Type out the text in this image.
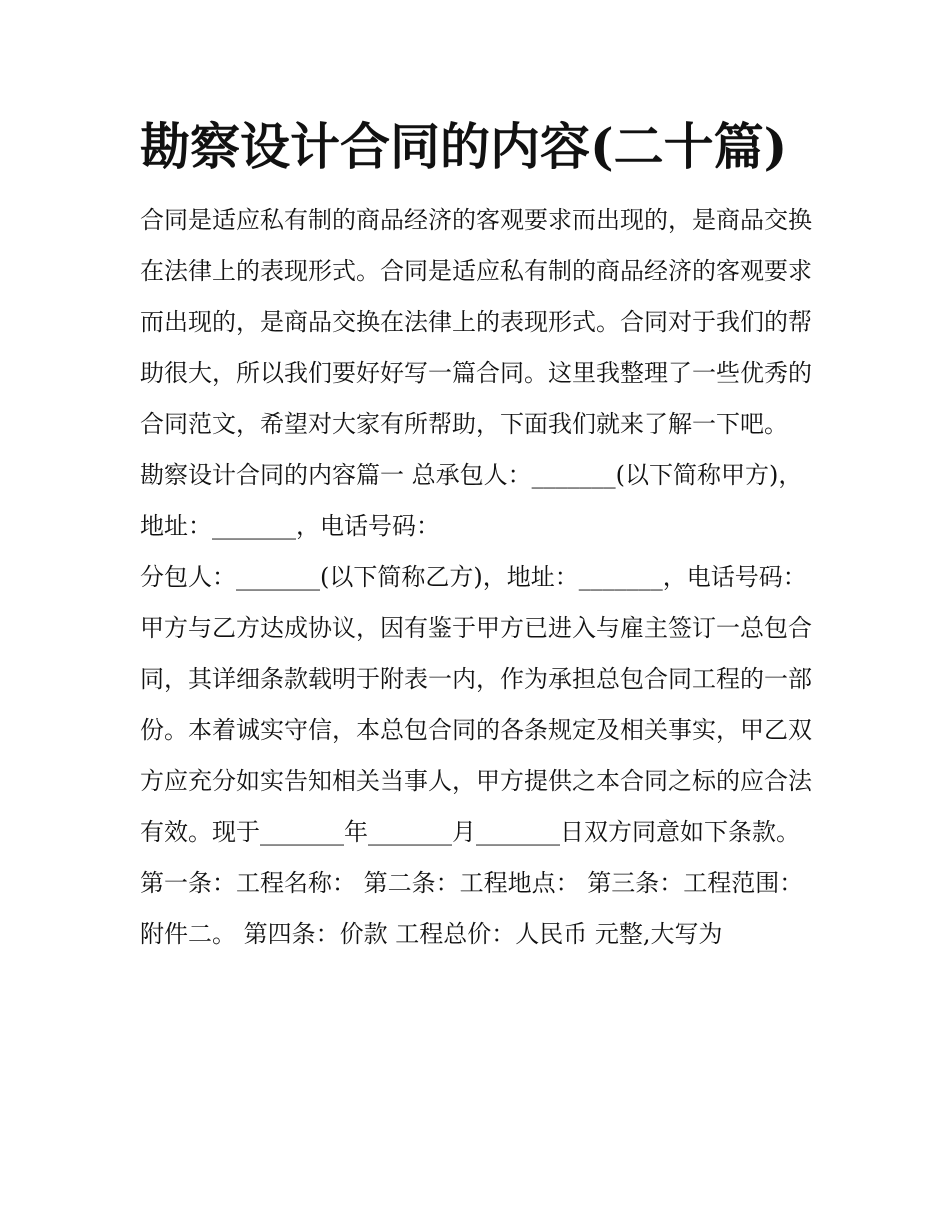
勘察设计合同的内容(二十篇)

合同是适应私有制的商品经济的客观要求而出现的，是商品交换在法律上的表现形式。合同是适应私有制的商品经济的客观要求而出现的，是商品交换在法律上的表现形式。合同对于我们的帮助很大，所以我们要好好写一篇合同。这里我整理了一些优秀的合同范文，希望对大家有所帮助，下面我们就来了解一下吧。

勘察设计合同的内容篇一 总承包人：_______(以下简称甲方)，地址：_______，电话号码：

分包人：_______(以下简称乙方)，地址：_______，电话号码：

甲方与乙方达成协议，因有鉴于甲方已进入与雇主签订一总包合同，其详细条款载明于附表一内，作为承担总包合同工程的一部份。本着诚实守信，本总包合同的各条规定及相关事实，甲乙双方应充分如实告知相关当事人，甲方提供之本合同之标的应合法有效。现于_______年_______月_______日双方同意如下条款。

第一条：工程名称： 第二条：工程地点： 第三条：工程范围：附件二。 第四条：价款 工程总价：人民币 元整,大写为
